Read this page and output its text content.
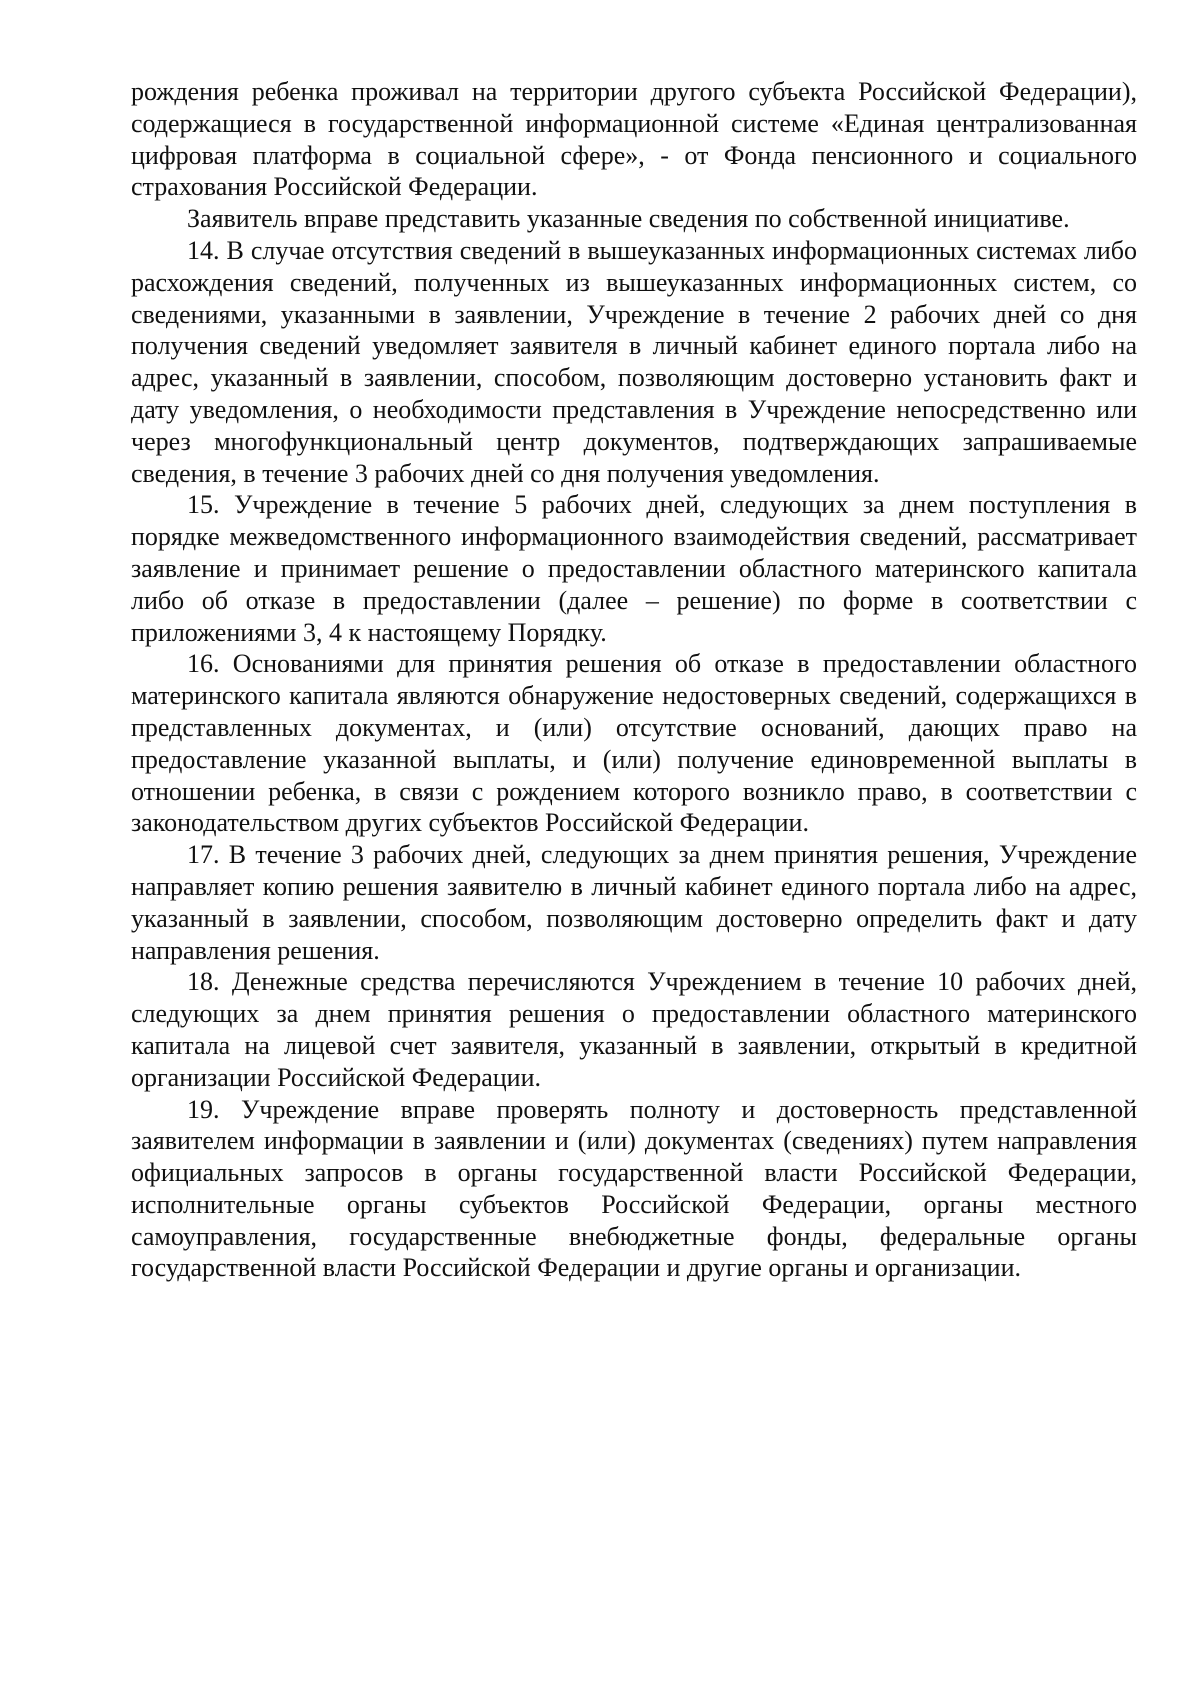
рождения ребенка проживал на территории другого субъекта Российской Федерации), содержащиеся в государственной информационной системе «Единая централизованная цифровая платформа в социальной сфере», - от Фонда пенсионного и социального страхования Российской Федерации.

Заявитель вправе представить указанные сведения по собственной инициативе.

14. В случае отсутствия сведений в вышеуказанных информационных системах либо расхождения сведений, полученных из вышеуказанных информационных систем, со сведениями, указанными в заявлении, Учреждение в течение 2 рабочих дней со дня получения сведений уведомляет заявителя в личный кабинет единого портала либо на адрес, указанный в заявлении, способом, позволяющим достоверно установить факт и дату уведомления, о необходимости представления в Учреждение непосредственно или через многофункциональный центр документов, подтверждающих запрашиваемые сведения, в течение 3 рабочих дней со дня получения уведомления.

15. Учреждение в течение 5 рабочих дней, следующих за днем поступления в порядке межведомственного информационного взаимодействия сведений, рассматривает заявление и принимает решение о предоставлении областного материнского капитала либо об отказе в предоставлении (далее – решение) по форме в соответствии с приложениями 3, 4 к настоящему Порядку.

16. Основаниями для принятия решения об отказе в предоставлении областного материнского капитала являются обнаружение недостоверных сведений, содержащихся в представленных документах, и (или) отсутствие оснований, дающих право на предоставление указанной выплаты, и (или) получение единовременной выплаты в отношении ребенка, в связи с рождением которого возникло право, в соответствии с законодательством других субъектов Российской Федерации.

17. В течение 3 рабочих дней, следующих за днем принятия решения, Учреждение направляет копию решения заявителю в личный кабинет единого портала либо на адрес, указанный в заявлении, способом, позволяющим достоверно определить факт и дату направления решения.

18. Денежные средства перечисляются Учреждением в течение 10 рабочих дней, следующих за днем принятия решения о предоставлении областного материнского капитала на лицевой счет заявителя, указанный в заявлении, открытый в кредитной организации Российской Федерации.

19. Учреждение вправе проверять полноту и достоверность представленной заявителем информации в заявлении и (или) документах (сведениях) путем направления официальных запросов в органы государственной власти Российской Федерации, исполнительные органы субъектов Российской Федерации, органы местного самоуправления, государственные внебюджетные фонды, федеральные органы государственной власти Российской Федерации и другие органы и организации.
